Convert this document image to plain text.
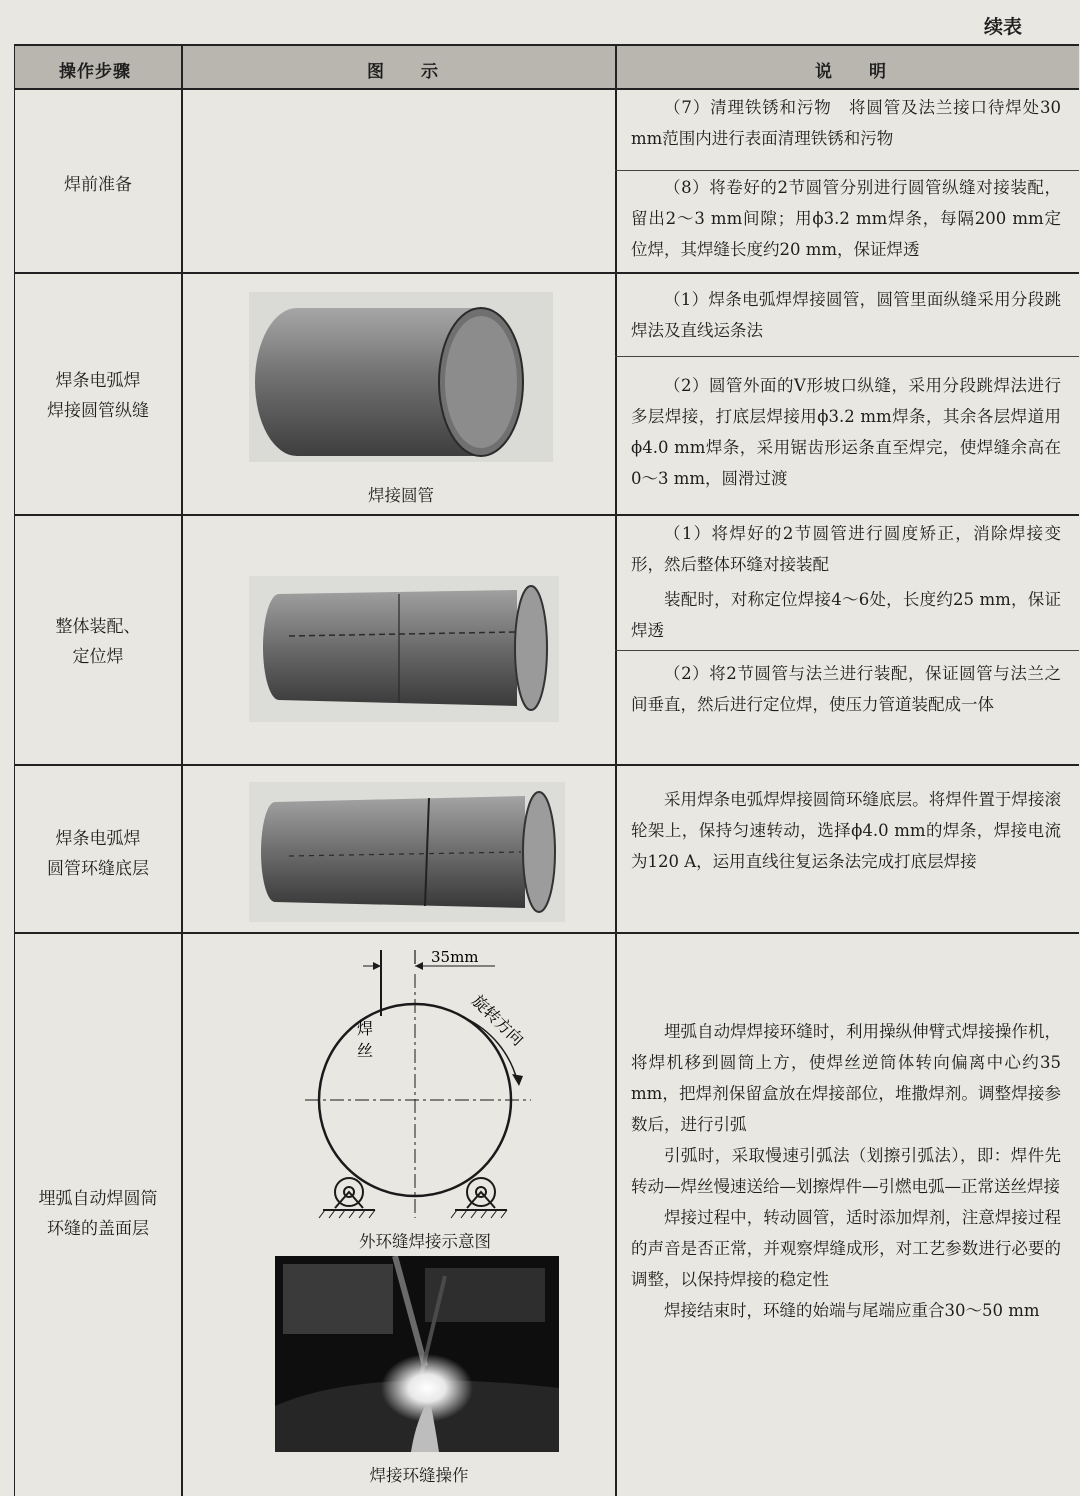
续表
操作步骤	图　　示	说　　明
焊前准备

（7）清理铁锈和污物　将圆管及法兰接口待焊处30 mm范围内进行表面清理铁锈和污物

（8）将卷好的2节圆管分别进行圆管纵缝对接装配，留出2～3 mm间隙；用ϕ3.2 mm焊条，每隔200 mm定位焊，其焊缝长度约20 mm，保证焊透

焊条电弧焊
焊接圆管纵缝
焊接圆管

（1）焊条电弧焊焊接圆管，圆管里面纵缝采用分段跳焊法及直线运条法

（2）圆管外面的V形坡口纵缝，采用分段跳焊法进行多层焊接，打底层焊接用ϕ3.2 mm焊条，其余各层焊道用ϕ4.0 mm焊条，采用锯齿形运条直至焊完，使焊缝余高在0～3 mm，圆滑过渡

整体装配、
定位焊

（1）将焊好的2节圆管进行圆度矫正，消除焊接变形，然后整体环缝对接装配

装配时，对称定位焊接4～6处，长度约25 mm，保证焊透

（2）将2节圆管与法兰进行装配，保证圆管与法兰之间垂直，然后进行定位焊，使压力管道装配成一体

焊条电弧焊
圆管环缝底层

采用焊条电弧焊焊接圆筒环缝底层。将焊件置于焊接滚轮架上，保持匀速转动，选择ϕ4.0 mm的焊条，焊接电流为120 A，运用直线往复运条法完成打底层焊接

埋弧自动焊圆筒
环缝的盖面层
35mm
焊
丝
旋转方向
外环缝焊接示意图
焊接环缝操作

埋弧自动焊焊接环缝时，利用操纵伸臂式焊接操作机，将焊机移到圆筒上方，使焊丝逆筒体转向偏离中心约35 mm，把焊剂保留盒放在焊接部位，堆撒焊剂。调整焊接参数后，进行引弧

引弧时，采取慢速引弧法（划擦引弧法），即：焊件先转动—焊丝慢速送给—划擦焊件—引燃电弧—正常送丝焊接

焊接过程中，转动圆管，适时添加焊剂，注意焊接过程的声音是否正常，并观察焊缝成形，对工艺参数进行必要的调整，以保持焊接的稳定性

焊接结束时，环缝的始端与尾端应重合30～50 mm
